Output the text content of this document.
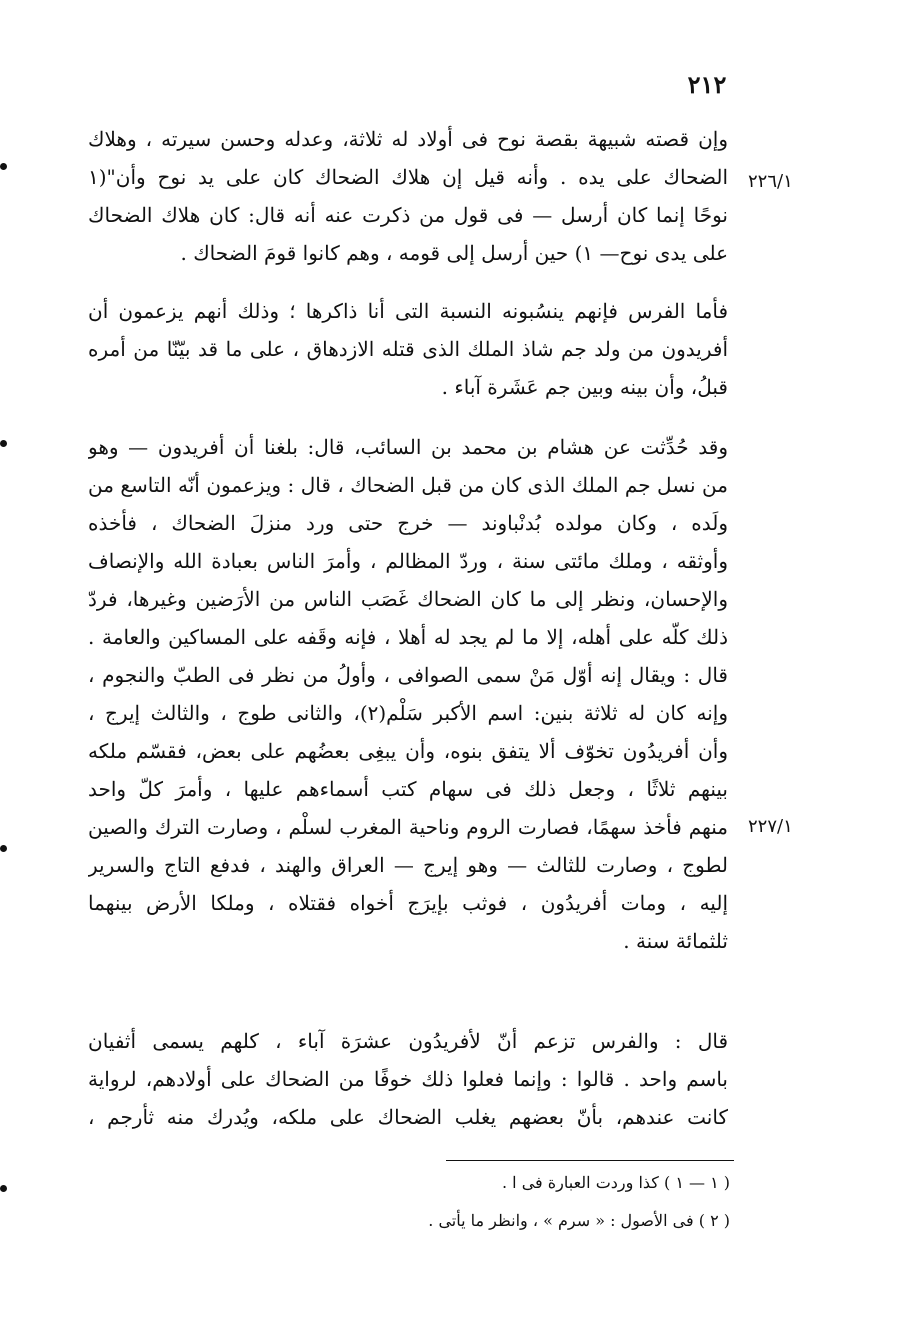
٢١٢
٢٢٦/١
٢٢٧/١
وإن قصته شبيهة بقصة نوح فى أولاد له ثلاثة، وعدله وحسن سيرته ، وهلاك
الضحاك على يده . وأنه قيل إن هلاك الضحاك كان على يد نوح وأن"(١
نوحًا إنما كان أرسل — فى قول من ذكرت عنه أنه قال: كان هلاك الضحاك
على يدى نوح— ١) حين أرسل إلى قومه ، وهم كانوا قومَ الضحاك .
فأما الفرس فإنهم ينسُبونه النسبة التى أنا ذاكرها ؛ وذلك أنهم يزعمون أن
أفريدون من ولد جم شاذ الملك الذى قتله الازدهاق ، على ما قد بيّنّا من أمره
قبلُ، وأن بينه وبين جم عَشَرة آباء .
وقد حُدِّثت عن هشام بن محمد بن السائب، قال: بلغنا أن أفريدون — وهو
من نسل جم الملك الذى كان من قبل الضحاك ، قال : ويزعمون أنّه التاسع من
ولَده ، وكان مولده بُدنْباوند — خرج حتى ورد منزلَ الضحاك ، فأخذه
وأوثقه ، وملك مائتى سنة ، وردّ المظالم ، وأمرَ الناس بعبادة الله والإنصاف
والإحسان، ونظر إلى ما كان الضحاك غَصَب الناس من الأرَضين وغيرها، فردّ
ذلك كلّه على أهله، إلا ما لم يجد له أهلا ، فإنه وقَفه على المساكين والعامة .
قال : ويقال إنه أوّل مَنْ سمى الصوافى ، وأولُ من نظر فى الطبّ والنجوم ،
وإنه كان له ثلاثة بنين: اسم الأكبر سَلْم(٢)، والثانى طوج ، والثالث إيرج ،
وأن أفريدُون تخوّف ألا يتفق بنوه، وأن يبغِى بعضُهم على بعض، فقسّم ملكه
بينهم ثلاثًا ، وجعل ذلك فى سهام كتب أسماءهم عليها ، وأمرَ كلّ واحد
منهم فأخذ سهمًا، فصارت الروم وناحية المغرب لسلْم ، وصارت الترك والصين
لطوج ، وصارت للثالث — وهو إيرج — العراق والهند ، فدفع التاج والسرير
إليه ، ومات أفريدُون ، فوثب بإيرَج أخواه فقتلاه ، وملكا الأرض بينهما
ثلثمائة سنة .
قال : والفرس تزعم أنّ لأفريدُون عشرَة آباء ، كلهم يسمى أثفيان
باسم واحد . قالوا : وإنما فعلوا ذلك خوفًا من الضحاك على أولادهم، لرواية
كانت عندهم، بأنّ بعضهم يغلب الضحاك على ملكه، ويُدرك منه ثأرجم ،
( ١ — ١ ) كذا وردت العبارة فى ا .
( ٢ ) فى الأصول : « سرم » ، وانظر ما يأتى .
